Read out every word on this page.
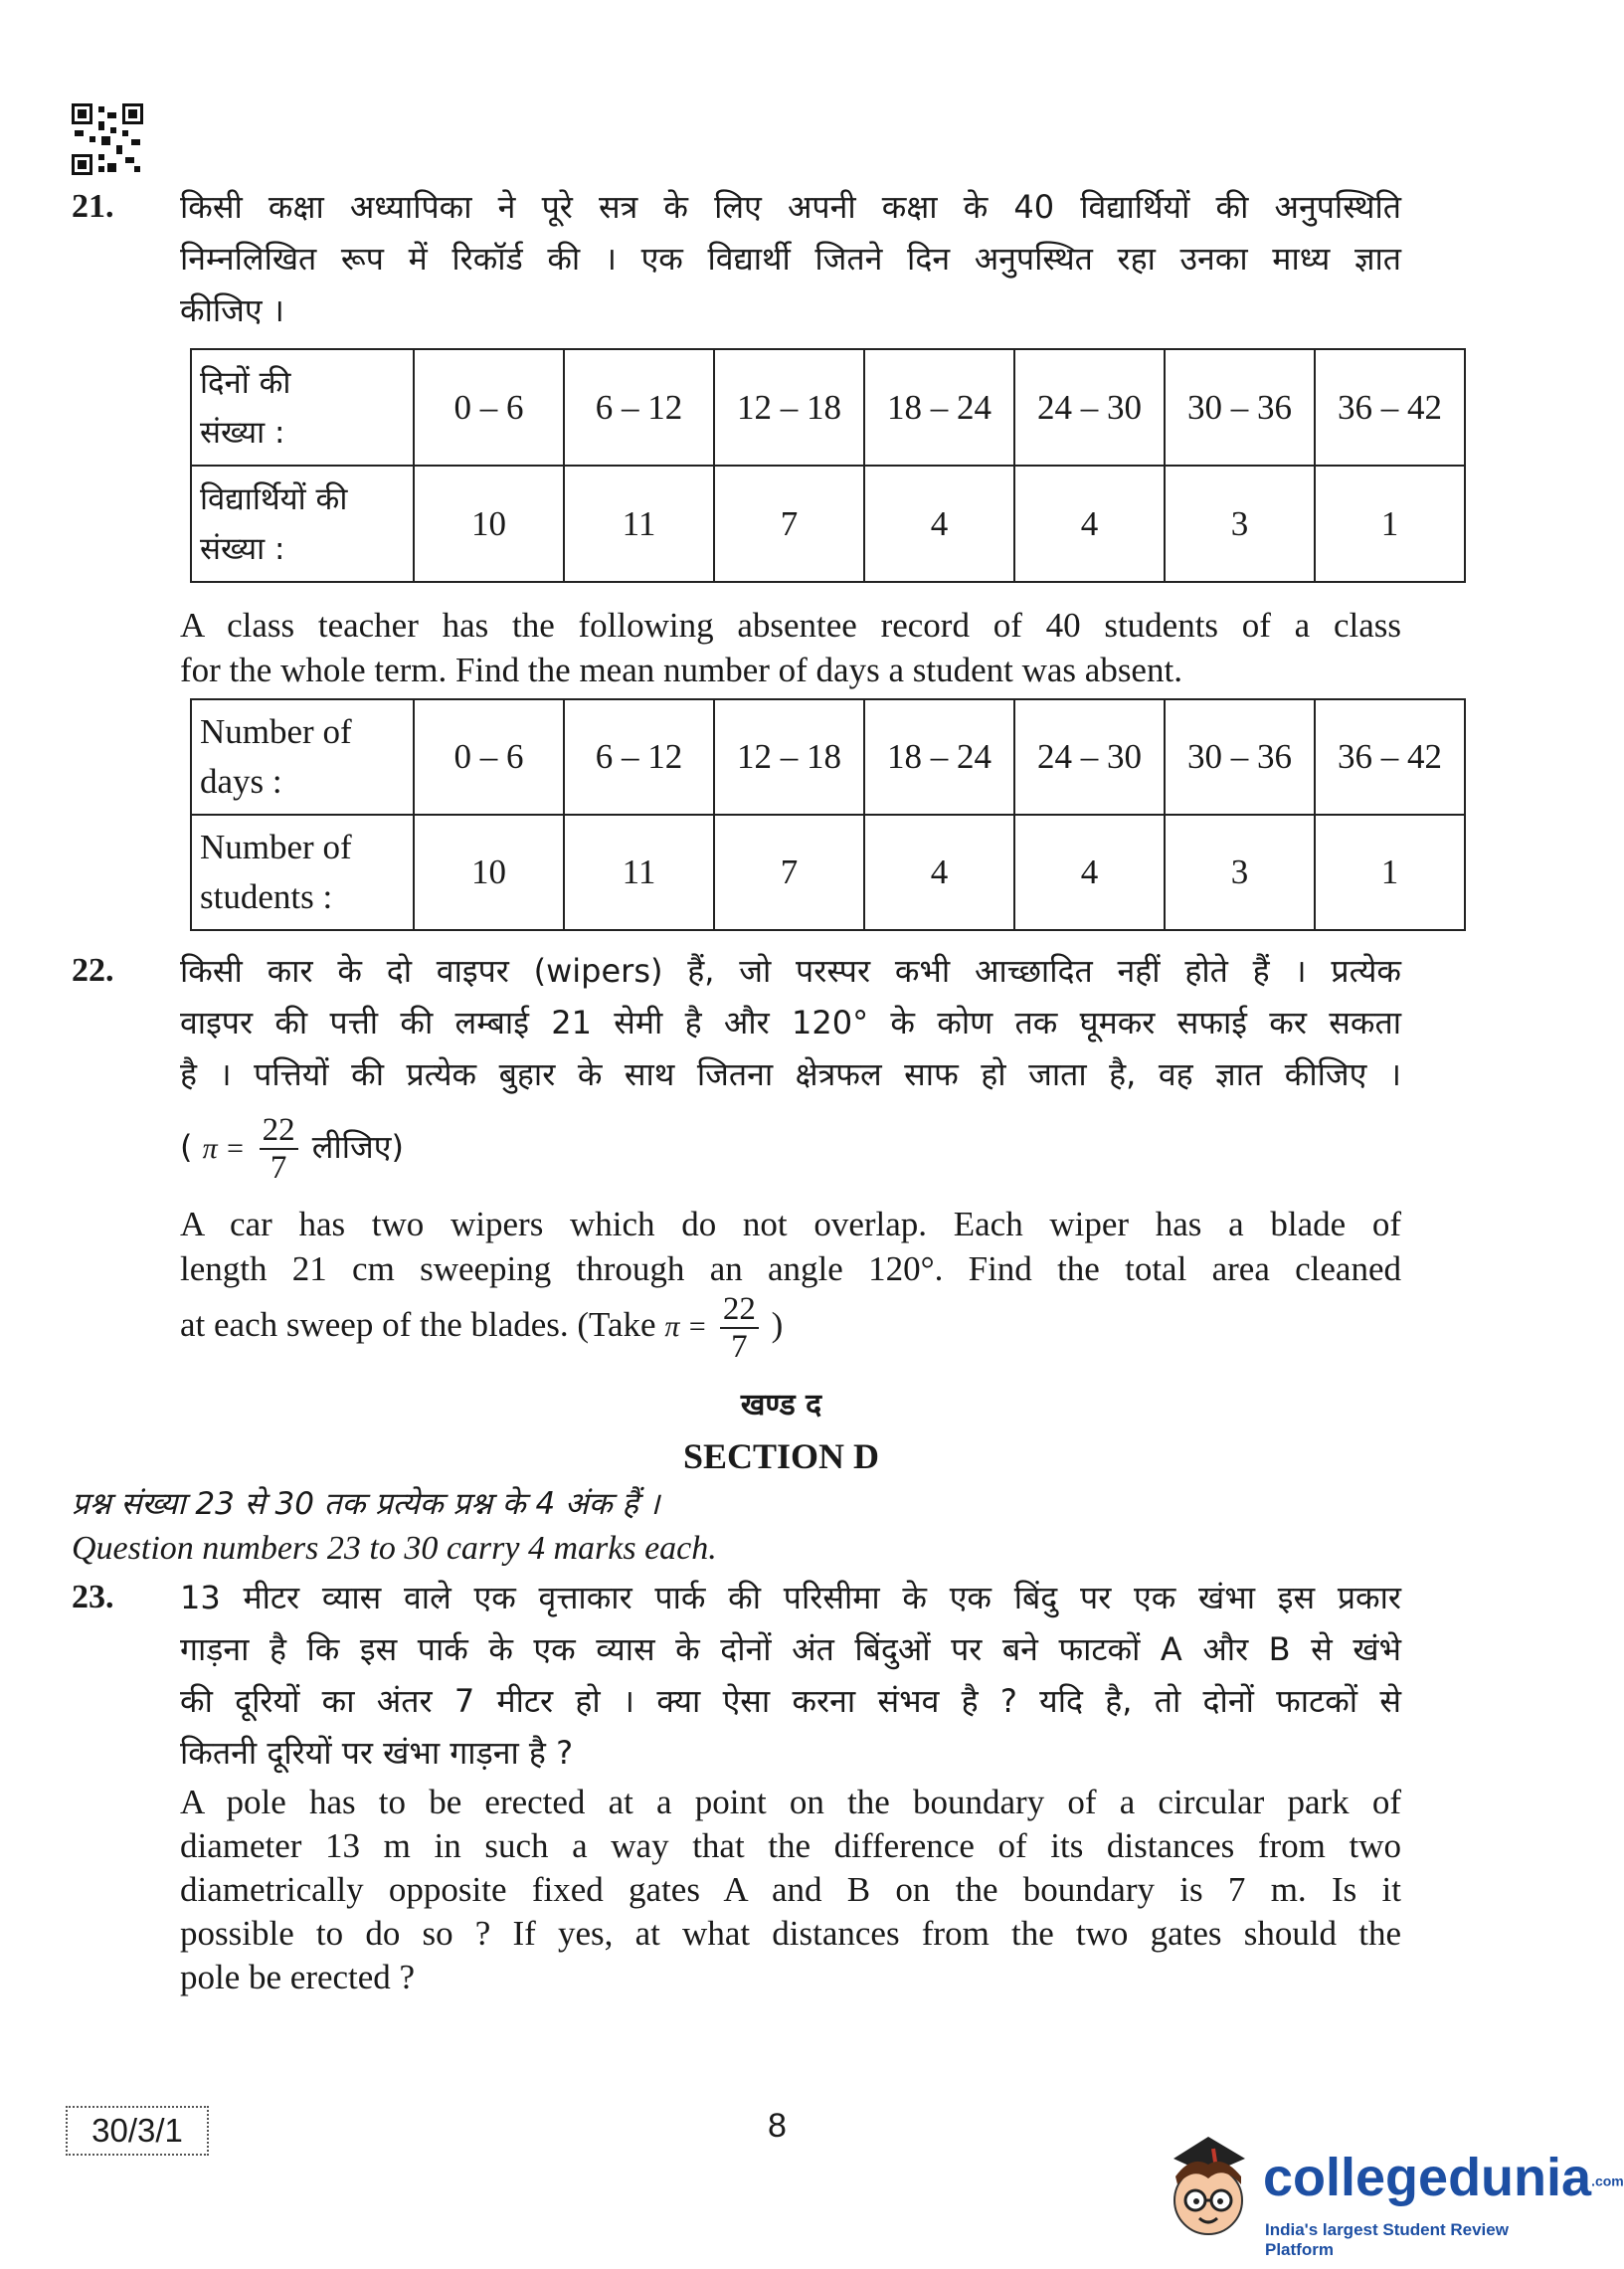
21. किसी कक्षा अध्यापिका ने पूरे सत्र के लिए अपनी कक्षा के 40 विद्यार्थियों की अनुपस्थिति
निम्नलिखित रूप में रिकॉर्ड की । एक विद्यार्थी जितने दिन अनुपस्थित रहा उनका माध्य ज्ञात
कीजिए ।
दिनों की
संख्या :	0 – 6	6 – 12	12 – 18	18 – 24	24 – 30	30 – 36	36 – 42

विद्यार्थियों की
संख्या :	10	11	7	4	4	3	1
A class teacher has the following absentee record of 40 students of a class
for the whole term. Find the mean number of days a student was absent.
Number of
days :	0 – 6	6 – 12	12 – 18	18 – 24	24 – 30	30 – 36	36 – 42

Number of
students :	10	11	7	4	4	3	1
22. किसी कार के दो वाइपर (wipers) हैं, जो परस्पर कभी आच्छादित नहीं होते हैं । प्रत्येक
वाइपर की पत्ती की लम्बाई 21 सेमी है और 120° के कोण तक घूमकर सफाई कर सकता
है । पत्तियों की प्रत्येक बुहार के साथ जितना क्षेत्रफल साफ हो जाता है, वह ज्ञात कीजिए ।
( $\pi = \frac{22}{7}$ लीजिए)
A car has two wipers which do not overlap. Each wiper has a blade of
length 21 cm sweeping through an angle 120°. Find the total area cleaned
at each sweep of the blades. (Take $\pi = \frac{22}{7}$ )
खण्ड द
SECTION D
प्रश्न संख्या 23 से 30 तक प्रत्येक प्रश्न के 4 अंक हैं ।
Question numbers 23 to 30 carry 4 marks each.
23. 13 मीटर व्यास वाले एक वृत्ताकार पार्क की परिसीमा के एक बिंदु पर एक खंभा इस प्रकार
गाड़ना है कि इस पार्क के एक व्यास के दोनों अंत बिंदुओं पर बने फाटकों A और B से खंभे
की दूरियों का अंतर 7 मीटर हो । क्या ऐसा करना संभव है ? यदि है, तो दोनों फाटकों से
कितनी दूरियों पर खंभा गाड़ना है ?
A pole has to be erected at a point on the boundary of a circular park of
diameter 13 m in such a way that the difference of its distances from two
diametrically opposite fixed gates A and B on the boundary is 7 m. Is it
possible to do so ? If yes, at what distances from the two gates should the
pole be erected ?
30/3/1	8
collegedunia.com
India's largest Student Review Platform
